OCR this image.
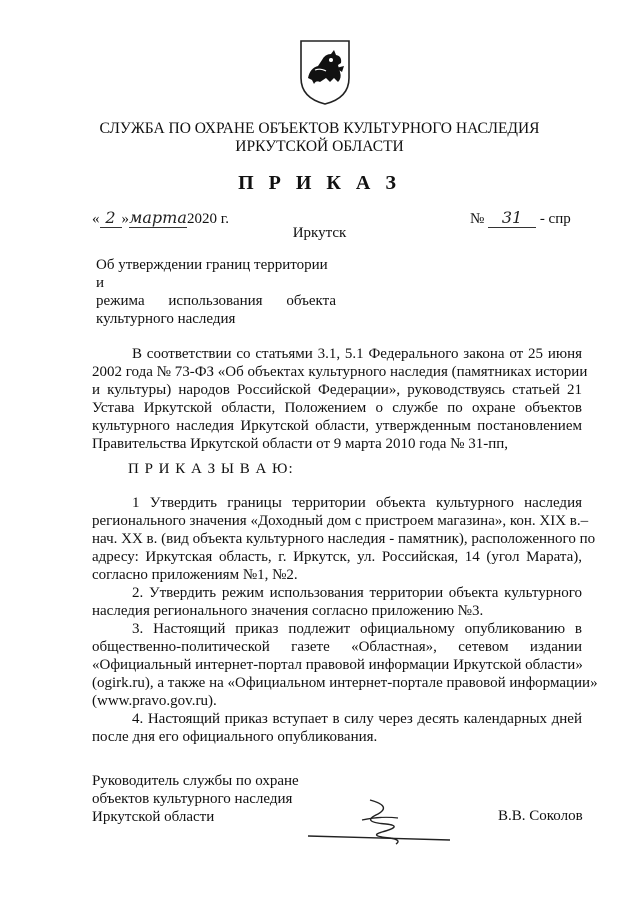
СЛУЖБА ПО ОХРАНЕ ОБЪЕКТОВ КУЛЬТУРНОГО НАСЛЕДИЯ
ИРКУТСКОЙ ОБЛАСТИ
П Р И К А З
« 2 »марта2020 г.	№ 31 - спр
Иркутск
Об утверждении границ территории и
режима использования объекта
культурного наследия
В соответствии со статьями 3.1, 5.1 Федерального закона от 25 июня
2002 года № 73-ФЗ «Об объектах культурного наследия (памятниках истории
и культуры) народов Российской Федерации», руководствуясь статьей 21
Устава Иркутской области, Положением о службе по охране объектов
культурного наследия Иркутской области, утвержденным постановлением
Правительства Иркутской области от 9 марта 2010 года № 31-пп,
П Р И К А З Ы В А Ю:
1 Утвердить границы территории объекта культурного наследия
регионального значения «Доходный дом с пристроем магазина», кон. XIX в.–
нач. XX в. (вид объекта культурного наследия - памятник), расположенного по
адресу: Иркутская область, г. Иркутск, ул. Российская, 14 (угол Марата),
согласно приложениям №1, №2.
2. Утвердить режим использования территории объекта культурного
наследия регионального значения согласно приложению №3.
3. Настоящий приказ подлежит официальному опубликованию в
общественно-политической газете «Областная», сетевом издании
«Официальный интернет-портал правовой информации Иркутской области»
(ogirk.ru), а также на «Официальном интернет-портале правовой информации»
(www.pravo.gov.ru).
4. Настоящий приказ вступает в силу через десять календарных дней
после дня его официального опубликования.
Руководитель службы по охране
объектов культурного наследия
Иркутской области	В.В. Соколов
